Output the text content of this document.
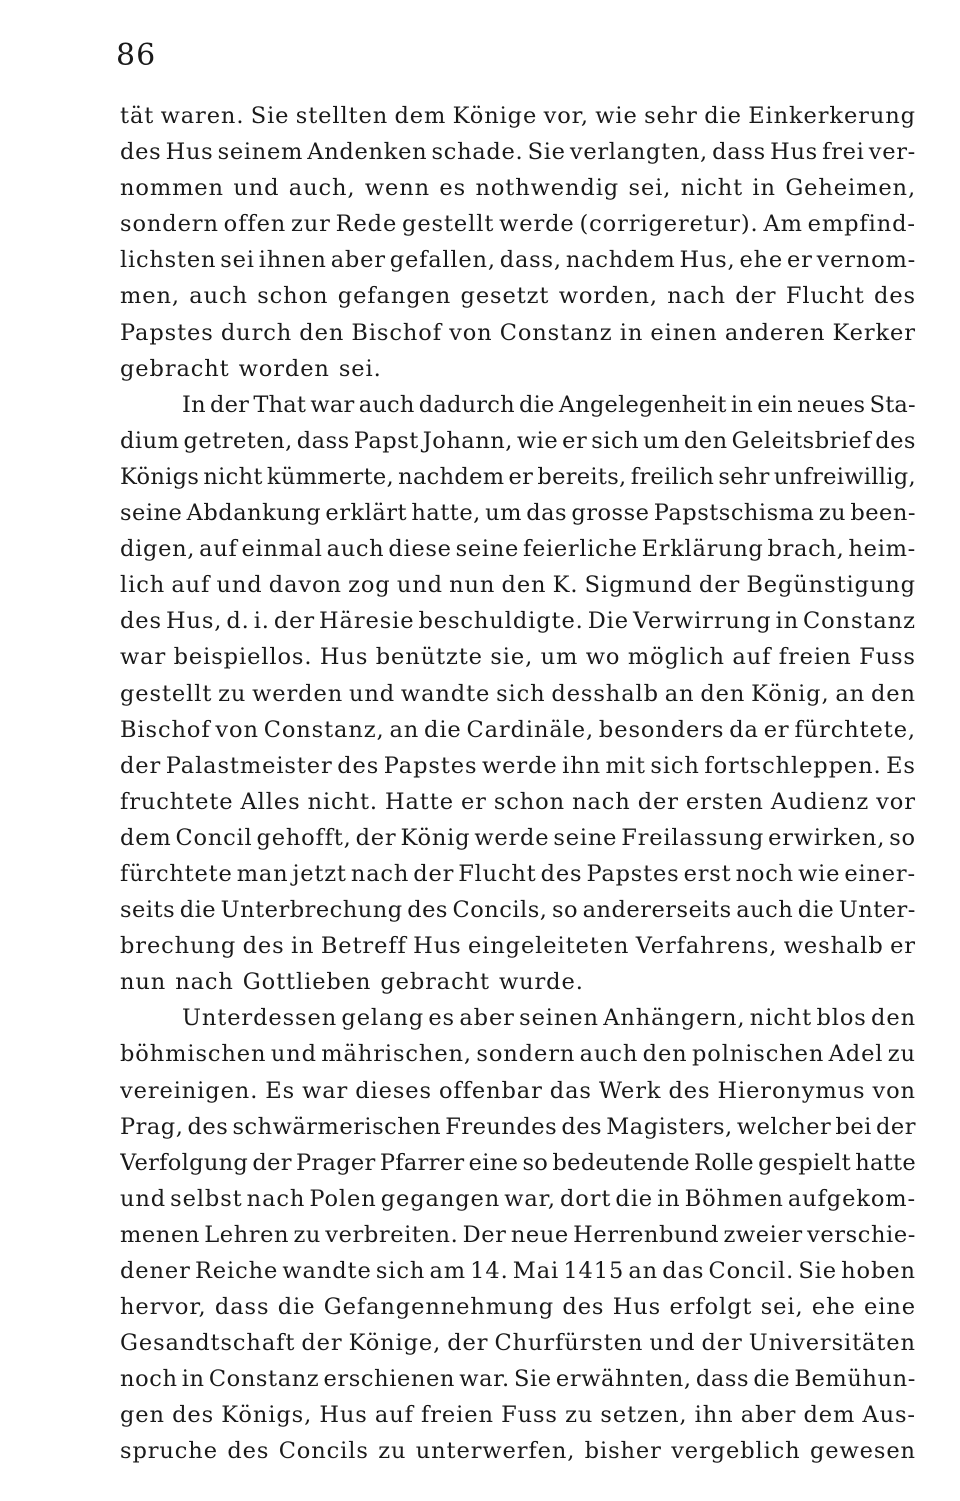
86
tät waren. Sie stellten dem Könige vor, wie sehr die Einkerkerung
des Hus seinem Andenken schade. Sie verlangten, dass Hus frei ver-
nommen und auch, wenn es nothwendig sei, nicht in Geheimen,
sondern offen zur Rede gestellt werde (corrigeretur). Am empfind-
lichsten sei ihnen aber gefallen, dass, nachdem Hus, ehe er vernom-
men, auch schon gefangen gesetzt worden, nach der Flucht des
Papstes durch den Bischof von Constanz in einen anderen Kerker
gebracht worden sei.
In der That war auch dadurch die Angelegenheit in ein neues Sta-
dium getreten, dass Papst Johann, wie er sich um den Geleitsbrief des
Königs nicht kümmerte, nachdem er bereits, freilich sehr unfreiwillig,
seine Abdankung erklärt hatte, um das grosse Papstschisma zu been-
digen, auf einmal auch diese seine feierliche Erklärung brach, heim-
lich auf und davon zog und nun den K. Sigmund der Begünstigung
des Hus, d. i. der Häresie beschuldigte. Die Verwirrung in Constanz
war beispiellos. Hus benützte sie, um wo möglich auf freien Fuss
gestellt zu werden und wandte sich desshalb an den König, an den
Bischof von Constanz, an die Cardinäle, besonders da er fürchtete,
der Palastmeister des Papstes werde ihn mit sich fortschleppen. Es
fruchtete Alles nicht. Hatte er schon nach der ersten Audienz vor
dem Concil gehofft, der König werde seine Freilassung erwirken, so
fürchtete man jetzt nach der Flucht des Papstes erst noch wie einer-
seits die Unterbrechung des Concils, so andererseits auch die Unter-
brechung des in Betreff Hus eingeleiteten Verfahrens, weshalb er
nun nach Gottlieben gebracht wurde.
Unterdessen gelang es aber seinen Anhängern, nicht blos den
böhmischen und mährischen, sondern auch den polnischen Adel zu
vereinigen. Es war dieses offenbar das Werk des Hieronymus von
Prag, des schwärmerischen Freundes des Magisters, welcher bei der
Verfolgung der Prager Pfarrer eine so bedeutende Rolle gespielt hatte
und selbst nach Polen gegangen war, dort die in Böhmen aufgekom-
menen Lehren zu verbreiten. Der neue Herrenbund zweier verschie-
dener Reiche wandte sich am 14. Mai 1415 an das Concil. Sie hoben
hervor, dass die Gefangennehmung des Hus erfolgt sei, ehe eine
Gesandtschaft der Könige, der Churfürsten und der Universitäten
noch in Constanz erschienen war. Sie erwähnten, dass die Bemühun-
gen des Königs, Hus auf freien Fuss zu setzen, ihn aber dem Aus-
spruche des Concils zu unterwerfen, bisher vergeblich gewesen
